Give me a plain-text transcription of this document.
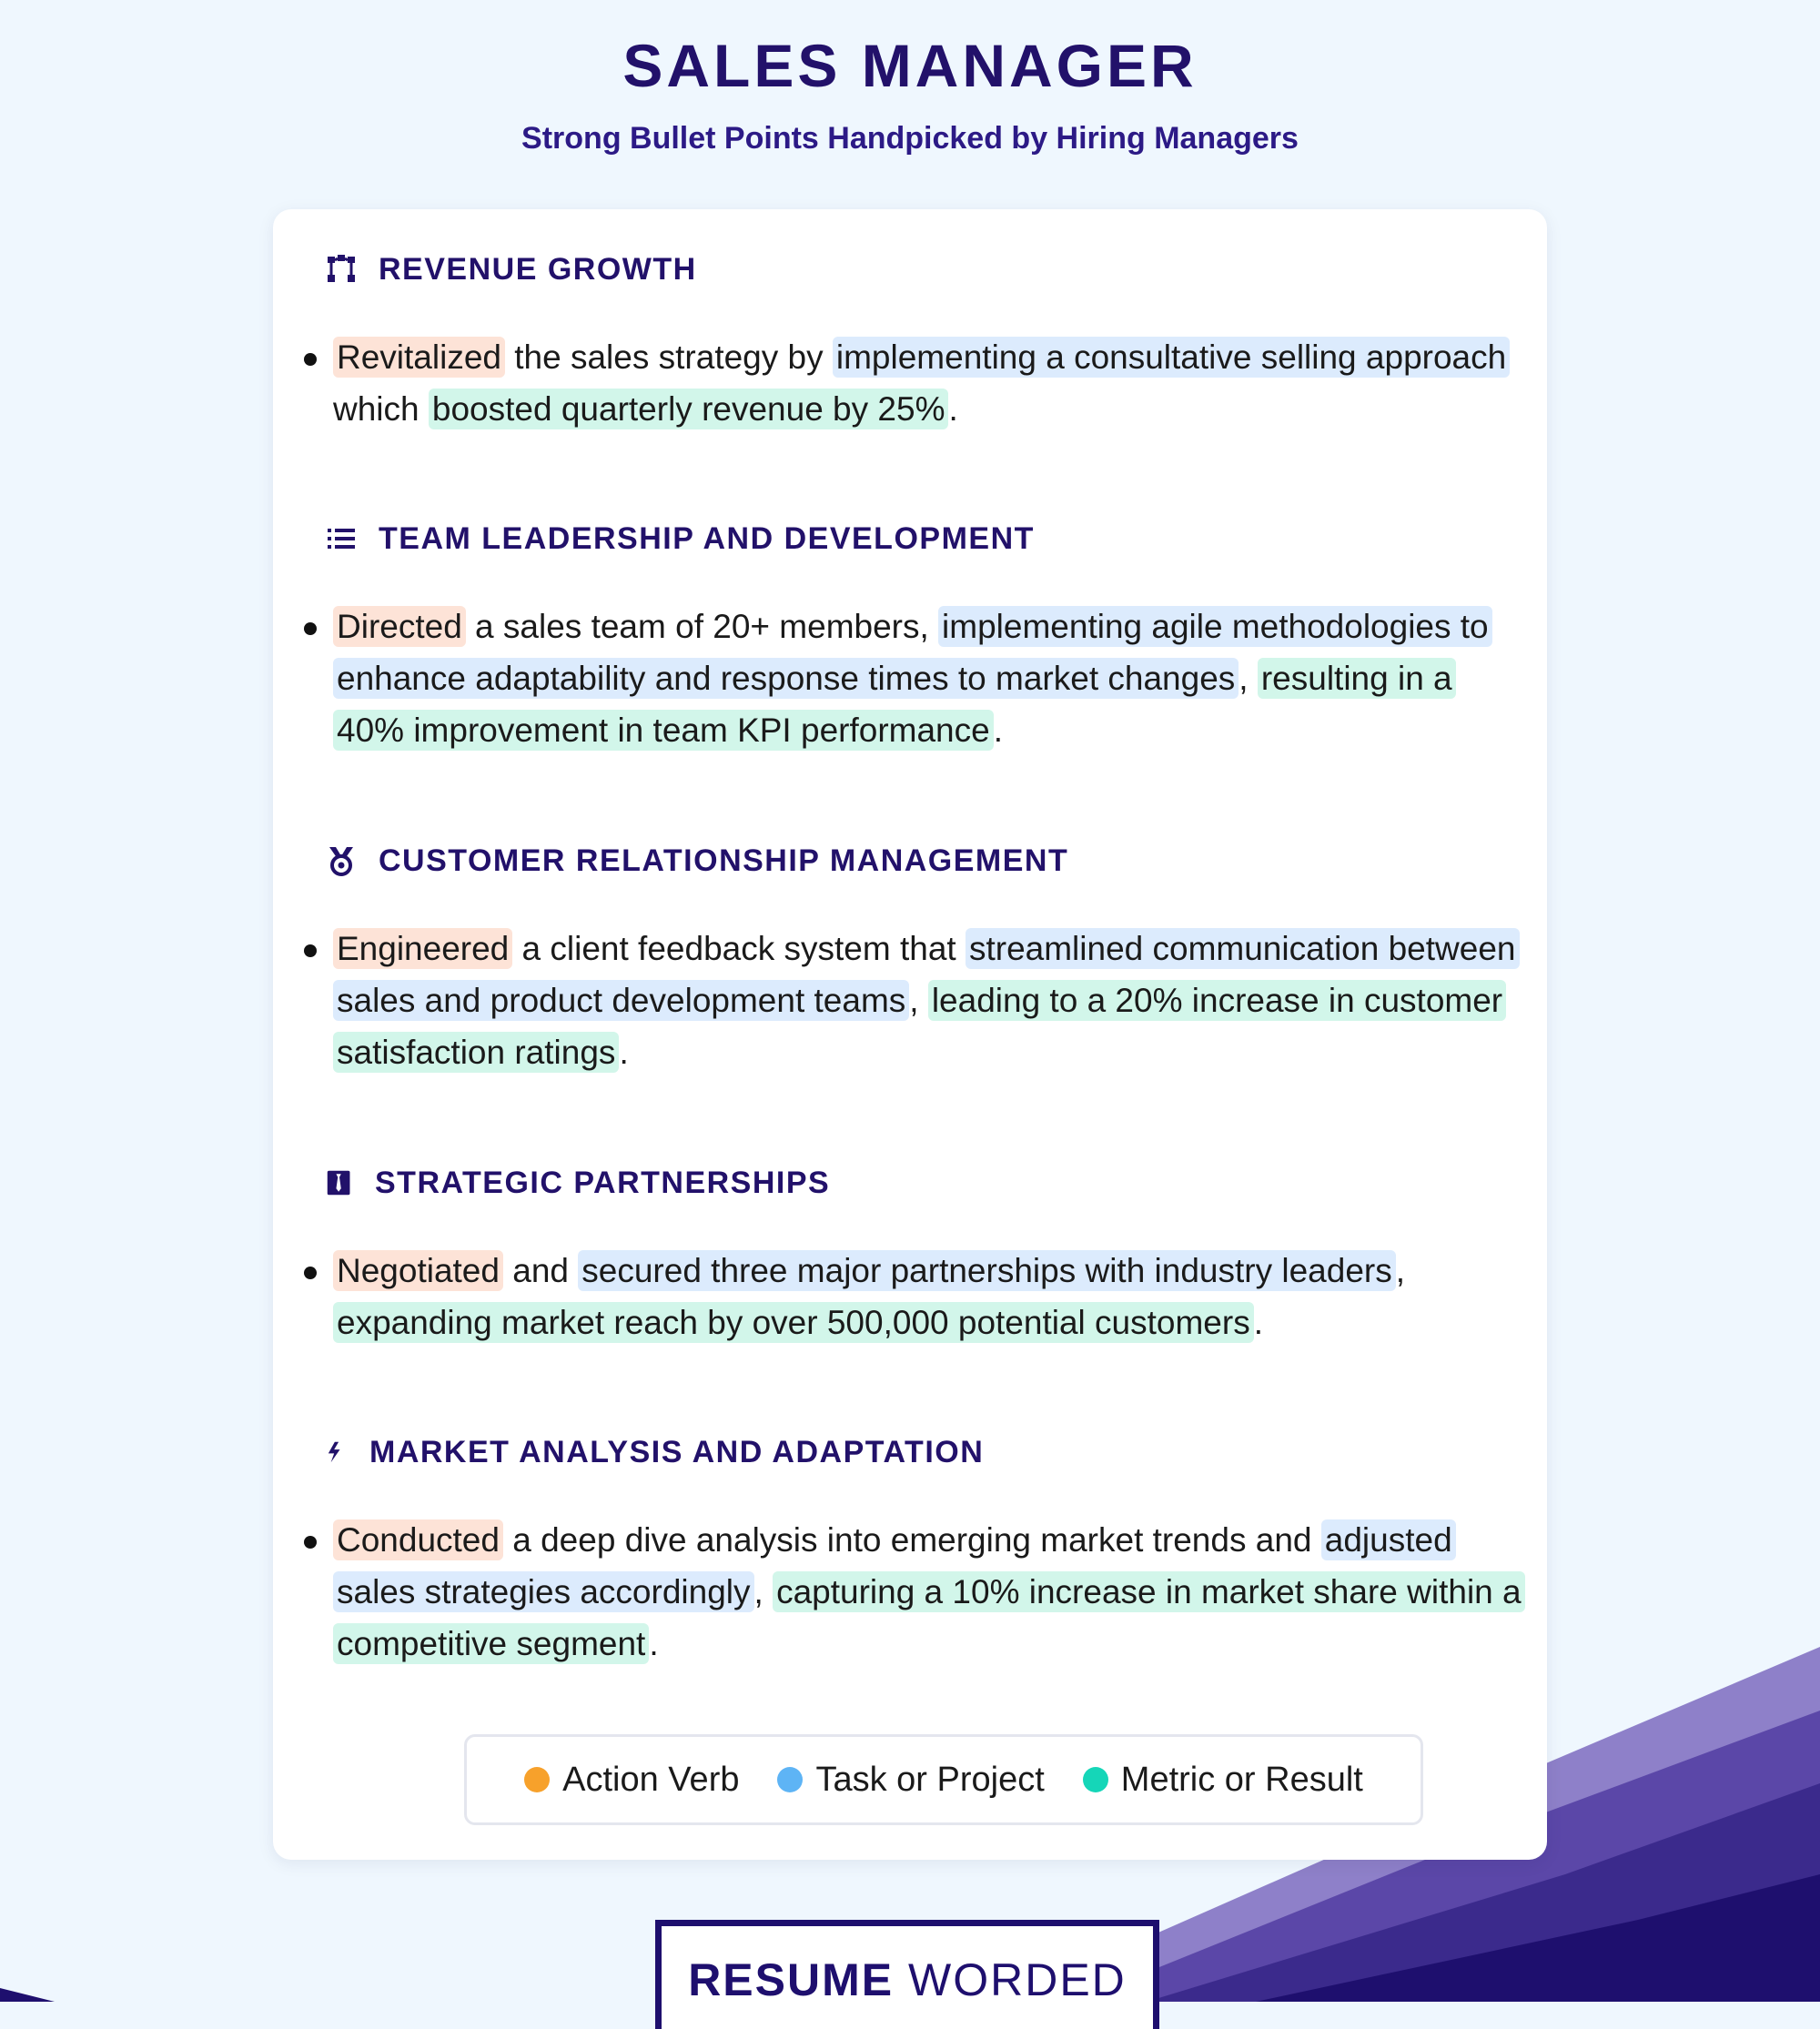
SALES MANAGER
Strong Bullet Points Handpicked by Hiring Managers
REVENUE GROWTH
Revitalized the sales strategy by implementing a consultative selling approach which boosted quarterly revenue by 25% .
TEAM LEADERSHIP AND DEVELOPMENT
Directed a sales team of 20+ members, implementing agile methodologies to enhance adaptability and response times to market changes , resulting in a 40% improvement in team KPI performance .
CUSTOMER RELATIONSHIP MANAGEMENT
Engineered a client feedback system that streamlined communication between sales and product development teams , leading to a 20% increase in customer satisfaction ratings .
STRATEGIC PARTNERSHIPS
Negotiated and secured three major partnerships with industry leaders , expanding market reach by over 500,000 potential customers .
MARKET ANALYSIS AND ADAPTATION
Conducted a deep dive analysis into emerging market trends and adjusted sales strategies accordingly , capturing a 10% increase in market share within a competitive segment .
Action Verb Task or Project Metric or Result
RESUME WORDED
